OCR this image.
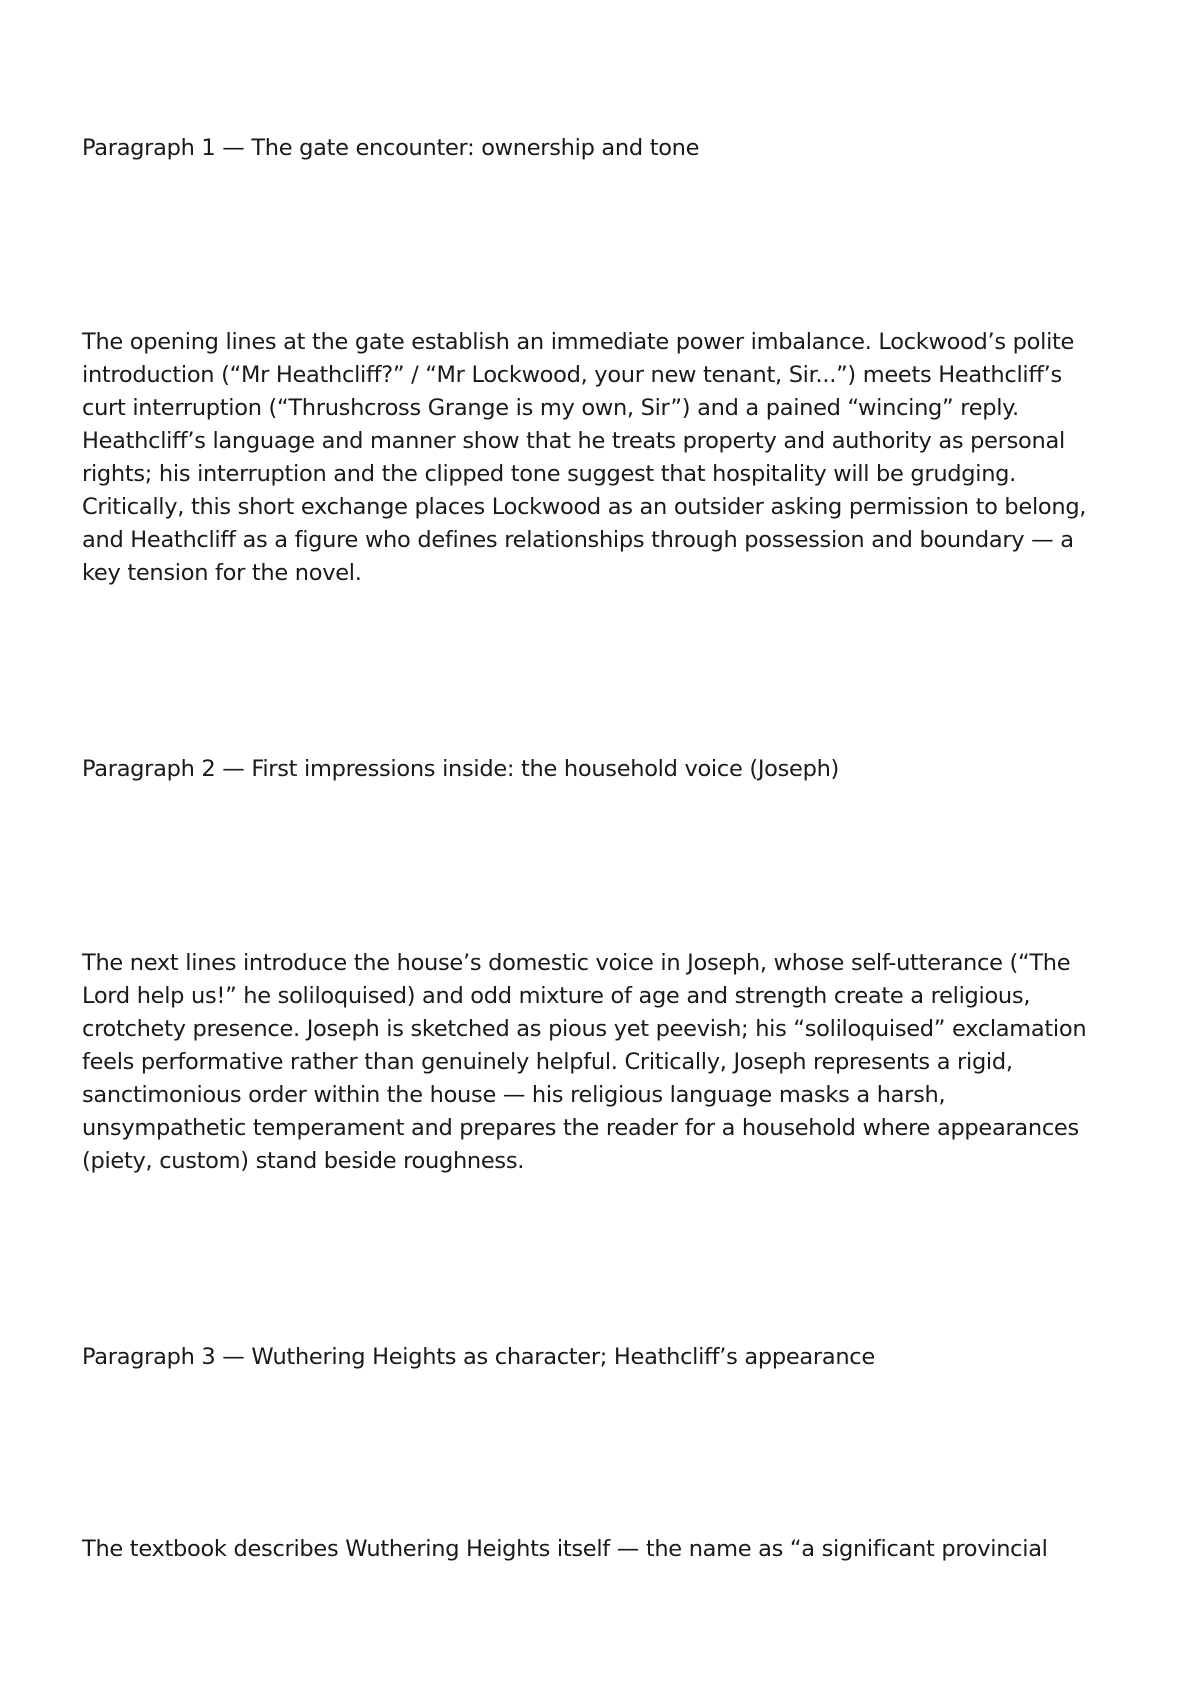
Paragraph 1 — The gate encounter: ownership and tone
The opening lines at the gate establish an immediate power imbalance. Lockwood’s polite
introduction (“Mr Heathcliff?” / “Mr Lockwood, your new tenant, Sir...”) meets Heathcliff’s
curt interruption (“Thrushcross Grange is my own, Sir”) and a pained “wincing” reply.
Heathcliff’s language and manner show that he treats property and authority as personal
rights; his interruption and the clipped tone suggest that hospitality will be grudging.
Critically, this short exchange places Lockwood as an outsider asking permission to belong,
and Heathcliff as a figure who defines relationships through possession and boundary — a
key tension for the novel.
Paragraph 2 — First impressions inside: the household voice (Joseph)
The next lines introduce the house’s domestic voice in Joseph, whose self-utterance (“The
Lord help us!” he soliloquised) and odd mixture of age and strength create a religious,
crotchety presence. Joseph is sketched as pious yet peevish; his “soliloquised” exclamation
feels performative rather than genuinely helpful. Critically, Joseph represents a rigid,
sanctimonious order within the house — his religious language masks a harsh,
unsympathetic temperament and prepares the reader for a household where appearances
(piety, custom) stand beside roughness.
Paragraph 3 — Wuthering Heights as character; Heathcliff’s appearance
The textbook describes Wuthering Heights itself — the name as “a significant provincial
